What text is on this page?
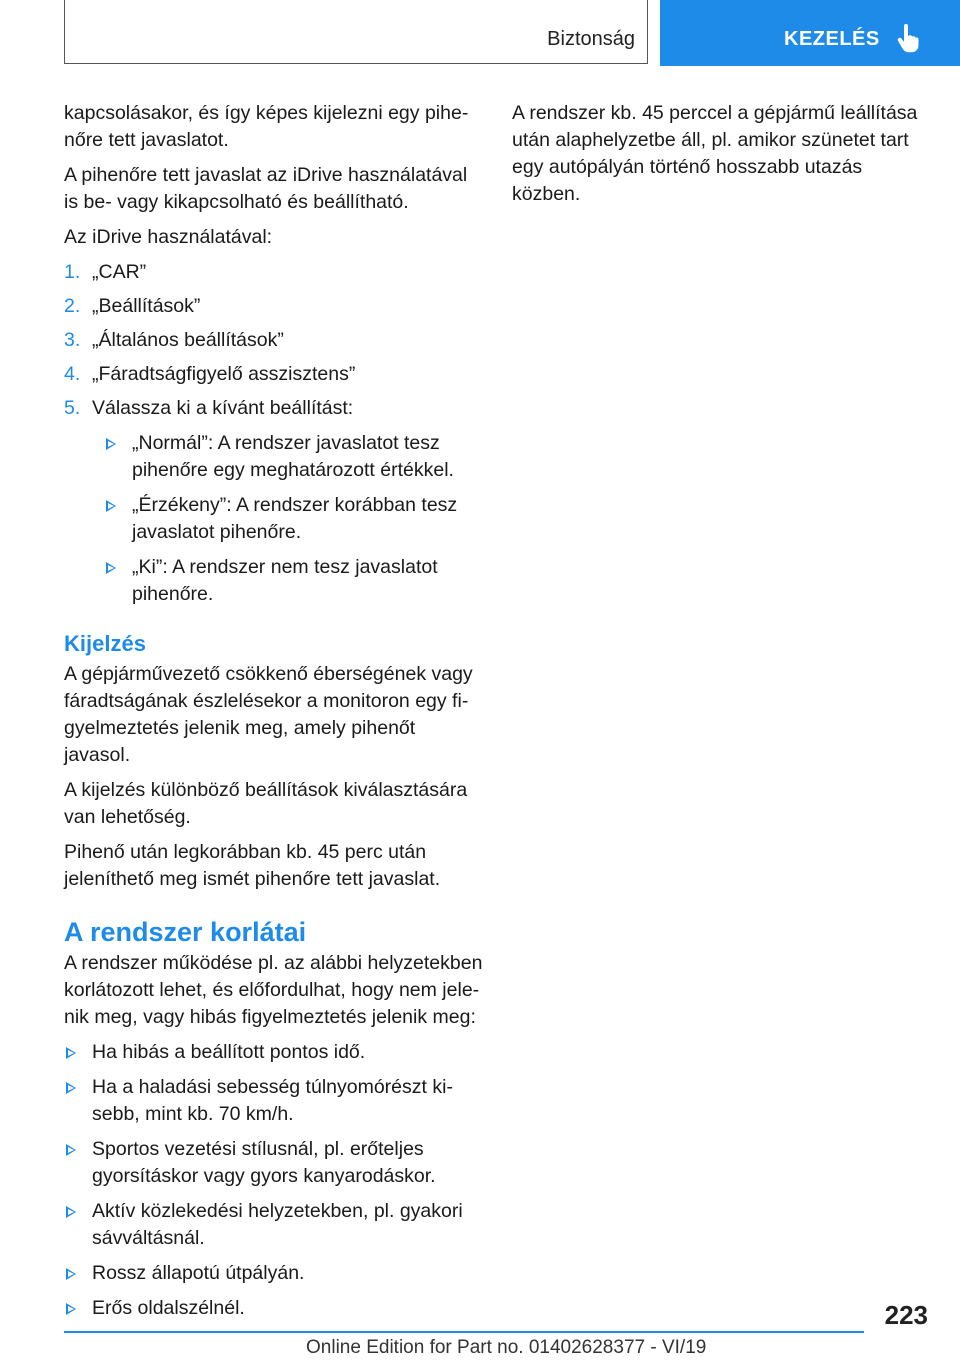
Biztonság	KEZELÉS

kapcsolásakor, és így képes kijelezni egy pihenőre tett javaslatot.

A pihenőre tett javaslat az iDrive használatával is be- vagy kikapcsolható és beállítható.

Az iDrive használatával:

1. „CAR”
2. „Beállítások”
3. „Általános beállítások”
4. „Fáradtságfigyelő asszisztens”
5. Válassza ki a kívánt beállítást:
„Normál”: A rendszer javaslatot tesz pihenőre egy meghatározott értékkel.
„Érzékeny”: A rendszer korábban tesz javaslatot pihenőre.
„Ki”: A rendszer nem tesz javaslatot pihenőre.
Kijelzés

A gépjárművezető csökkenő éberségének vagy fáradtságának észlelésekor a monitoron egy figyelmeztetés jelenik meg, amely pihenőt javasol.

A kijelzés különböző beállítások kiválasztására van lehetőség.

Pihenő után legkorábban kb. 45 perc után jeleníthető meg ismét pihenőre tett javaslat.

A rendszer korlátai

A rendszer működése pl. az alábbi helyzetekben korlátozott lehet, és előfordulhat, hogy nem jelenik meg, vagy hibás figyelmeztetés jelenik meg:

Ha hibás a beállított pontos idő.
Ha a haladási sebesség túlnyomórészt kisebb, mint kb. 70 km/h.
Sportos vezetési stílusnál, pl. erőteljes gyorsításkor vagy gyors kanyarodáskor.
Aktív közlekedési helyzetekben, pl. gyakori sávváltásnál.
Rossz állapotú útpályán.
Erős oldalszélnél.

A rendszer kb. 45 perccel a gépjármű leállítása után alaphelyzetbe áll, pl. amikor szünetet tart egy autópályán történő hosszabb utazás közben.

223
Online Edition for Part no. 01402628377 - VI/19
